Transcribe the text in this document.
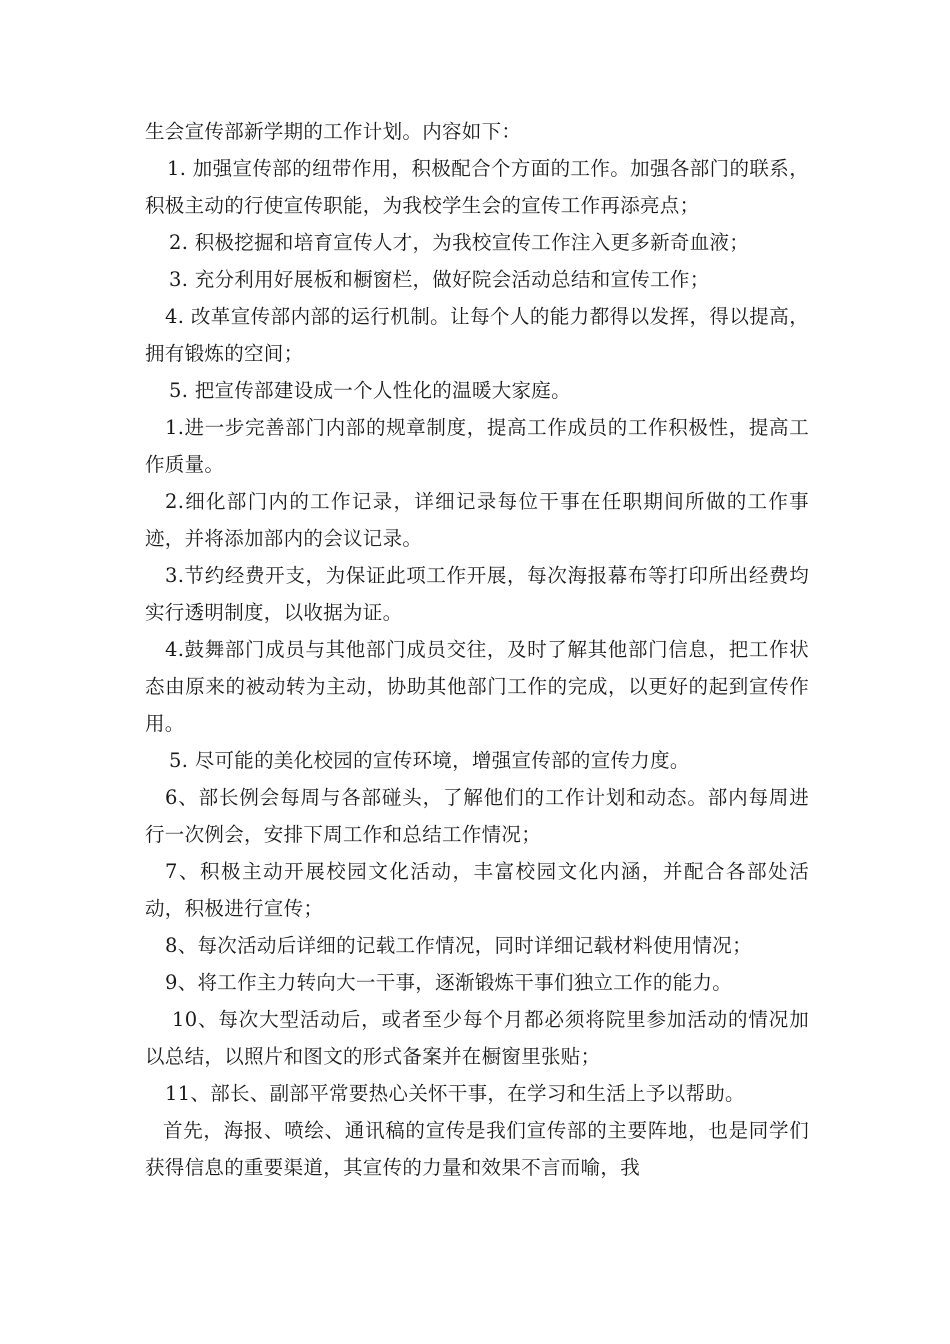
生会宣传部新学期的工作计划。内容如下：

1. 加强宣传部的纽带作用，积极配合个方面的工作。加强各部门的联系，积极主动的行使宣传职能，为我校学生会的宣传工作再添亮点；

2. 积极挖掘和培育宣传人才，为我校宣传工作注入更多新奇血液；

3. 充分利用好展板和橱窗栏，做好院会活动总结和宣传工作；

4. 改革宣传部内部的运行机制。让每个人的能力都得以发挥，得以提高，拥有锻炼的空间；

5. 把宣传部建设成一个人性化的温暖大家庭。

1.进一步完善部门内部的规章制度，提高工作成员的工作积极性，提高工作质量。

2.细化部门内的工作记录，详细记录每位干事在任职期间所做的工作事迹，并将添加部内的会议记录。

3.节约经费开支，为保证此项工作开展，每次海报幕布等打印所出经费均实行透明制度，以收据为证。

4.鼓舞部门成员与其他部门成员交往，及时了解其他部门信息，把工作状态由原来的被动转为主动，协助其他部门工作的完成，以更好的起到宣传作用。

5. 尽可能的美化校园的宣传环境，增强宣传部的宣传力度。

6、部长例会每周与各部碰头，了解他们的工作计划和动态。部内每周进行一次例会，安排下周工作和总结工作情况；

7、积极主动开展校园文化活动，丰富校园文化内涵，并配合各部处活动，积极进行宣传；

8、每次活动后详细的记载工作情况，同时详细记载材料使用情况；

9、将工作主力转向大一干事，逐渐锻炼干事们独立工作的能力。

10、每次大型活动后，或者至少每个月都必须将院里参加活动的情况加以总结，以照片和图文的形式备案并在橱窗里张贴；

11、部长、副部平常要热心关怀干事，在学习和生活上予以帮助。

首先，海报、喷绘、通讯稿的宣传是我们宣传部的主要阵地，也是同学们获得信息的重要渠道，其宣传的力量和效果不言而喻，我
